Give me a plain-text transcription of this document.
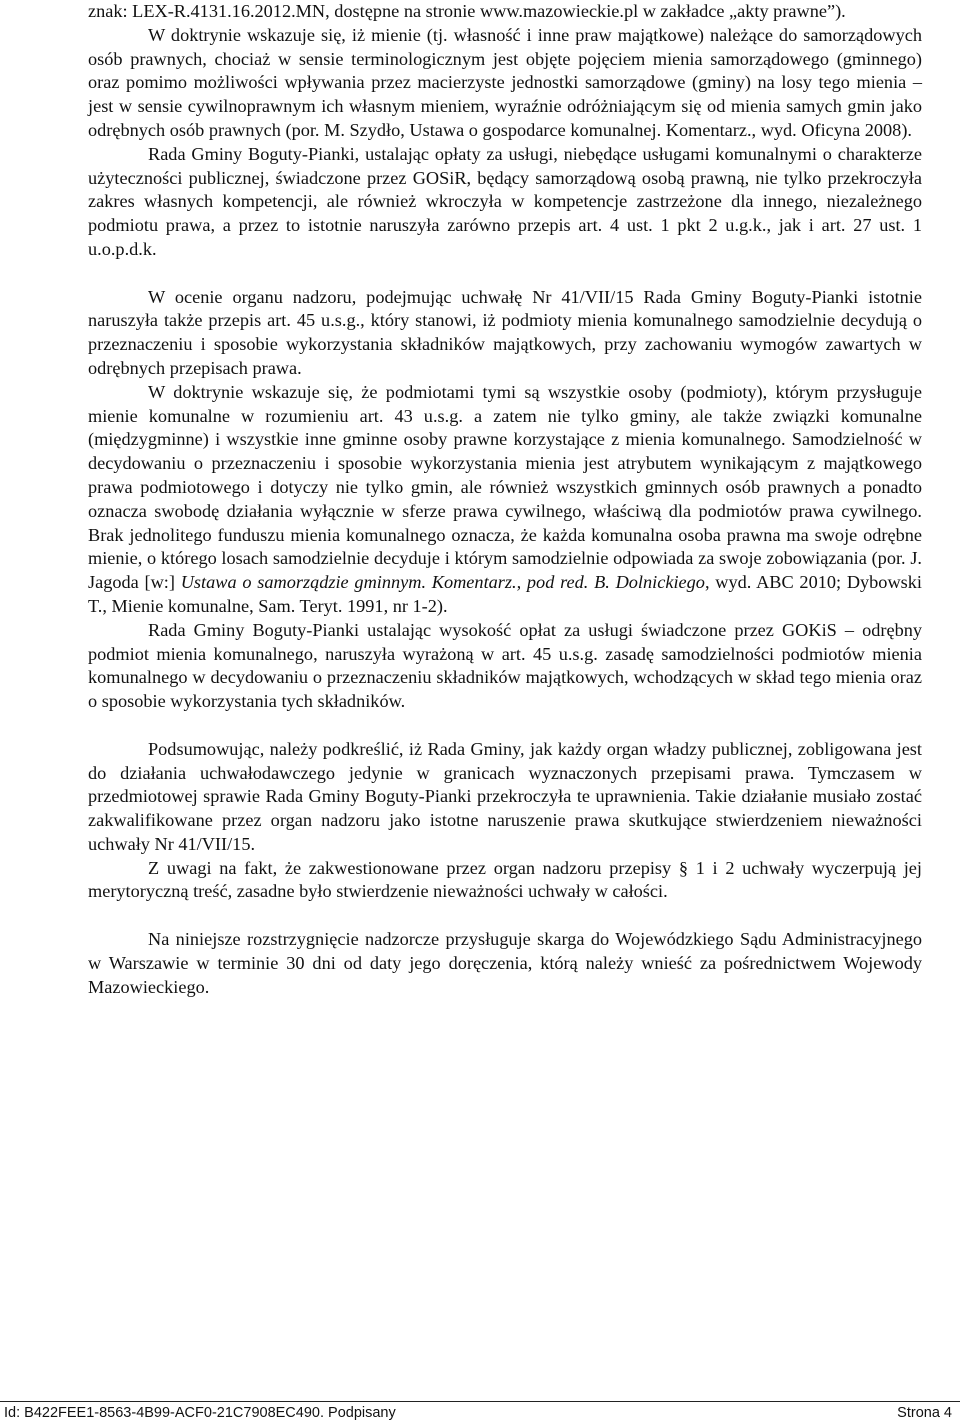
znak: LEX-R.4131.16.2012.MN, dostępne na stronie www.mazowieckie.pl w zakładce „akty prawne”).

W doktrynie wskazuje się, iż mienie (tj. własność i inne praw majątkowe) należące do samorządowych osób prawnych, chociaż w sensie terminologicznym jest objęte pojęciem mienia samorządowego (gminnego) oraz pomimo możliwości wpływania przez macierzyste jednostki samorządowe (gminy) na losy tego mienia – jest w sensie cywilnoprawnym ich własnym mieniem, wyraźnie odróżniającym się od mienia samych gmin jako odrębnych osób prawnych (por. M. Szydło, Ustawa o gospodarce komunalnej. Komentarz., wyd. Oficyna 2008).

Rada Gminy Boguty-Pianki, ustalając opłaty za usługi, niebędące usługami komunalnymi o charakterze użyteczności publicznej, świadczone przez GOSiR, będący samorządową osobą prawną, nie tylko przekroczyła zakres własnych kompetencji, ale również wkroczyła w kompetencje zastrzeżone dla innego, niezależnego podmiotu prawa, a przez to istotnie naruszyła zarówno przepis art. 4 ust. 1 pkt 2 u.g.k., jak i art. 27 ust. 1 u.o.p.d.k.

W ocenie organu nadzoru, podejmując uchwałę Nr 41/VII/15 Rada Gminy Boguty-Pianki istotnie naruszyła także przepis art. 45 u.s.g., który stanowi, iż podmioty mienia komunalnego samodzielnie decydują o przeznaczeniu i sposobie wykorzystania składników majątkowych, przy zachowaniu wymogów zawartych w odrębnych przepisach prawa.

W doktrynie wskazuje się, że podmiotami tymi są wszystkie osoby (podmioty), którym przysługuje mienie komunalne w rozumieniu art. 43 u.s.g. a zatem nie tylko gminy, ale także związki komunalne (międzygminne) i wszystkie inne gminne osoby prawne korzystające z mienia komunalnego. Samodzielność w decydowaniu o przeznaczeniu i sposobie wykorzystania mienia jest atrybutem wynikającym z majątkowego prawa podmiotowego i dotyczy nie tylko gmin, ale również wszystkich gminnych osób prawnych a ponadto oznacza swobodę działania wyłącznie w sferze prawa cywilnego, właściwą dla podmiotów prawa cywilnego. Brak jednolitego funduszu mienia komunalnego oznacza, że każda komunalna osoba prawna ma swoje odrębne mienie, o którego losach samodzielnie decyduje i którym samodzielnie odpowiada za swoje zobowiązania (por. J. Jagoda [w:] Ustawa o samorządzie gminnym. Komentarz., pod red. B. Dolnickiego, wyd. ABC 2010; Dybowski T., Mienie komunalne, Sam. Teryt. 1991, nr 1-2).

Rada Gminy Boguty-Pianki ustalając wysokość opłat za usługi świadczone przez GOKiS – odrębny podmiot mienia komunalnego, naruszyła wyrażoną w art. 45 u.s.g. zasadę samodzielności podmiotów mienia komunalnego w decydowaniu o przeznaczeniu składników majątkowych, wchodzących w skład tego mienia oraz o sposobie wykorzystania tych składników.

Podsumowując, należy podkreślić, iż Rada Gminy, jak każdy organ władzy publicznej, zobligowana jest do działania uchwałodawczego jedynie w granicach wyznaczonych przepisami prawa. Tymczasem w przedmiotowej sprawie Rada Gminy Boguty-Pianki przekroczyła te uprawnienia. Takie działanie musiało zostać zakwalifikowane przez organ nadzoru jako istotne naruszenie prawa skutkujące stwierdzeniem nieważności uchwały Nr 41/VII/15.

Z uwagi na fakt, że zakwestionowane przez organ nadzoru przepisy § 1 i 2 uchwały wyczerpują jej merytoryczną treść, zasadne było stwierdzenie nieważności uchwały w całości.

Na niniejsze rozstrzygnięcie nadzorcze przysługuje skarga do Wojewódzkiego Sądu Administracyjnego w Warszawie w terminie 30 dni od daty jego doręczenia, którą należy wnieść za pośrednictwem Wojewody Mazowieckiego.

Id: B422FEE1-8563-4B99-ACF0-21C7908EC490. Podpisany	Strona 4
